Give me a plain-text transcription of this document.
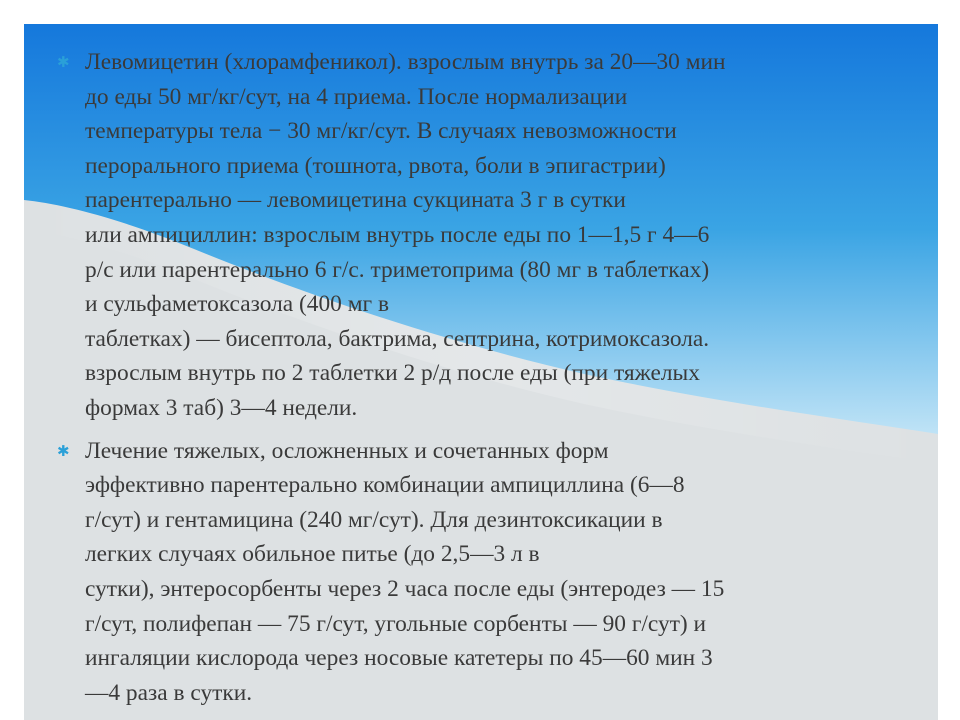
✱ Левомицетин (хлорамфеникол). взрослым внутрь за 20—30 мин
до еды 50 мг/кг/сут, на 4 приема. После нормализации
температуры тела − 30 мг/кг/сут. В случаях невозможности
перорального приема (тошнота, рвота, боли в эпигастрии)
парентерально — левомицетина сукцината 3 г в сутки
или ампициллин: взрослым внутрь после еды по 1—1,5 г 4—6
р/с или парентерально 6 г/с. триметоприма (80 мг в таблетках)
и сульфаметоксазола (400 мг в
таблетках) — бисептола, бактрима, септрина, котримоксазола.
взрослым внутрь по 2 таблетки 2 р/д после еды (при тяжелых
формах 3 таб) 3—4 недели.
✱ Лечение тяжелых, осложненных и сочетанных форм
эффективно парентерально комбинации ампициллина (6—8
г/сут) и гентамицина (240 мг/сут). Для дезинтоксикации в
легких случаях обильное питье (до 2,5—3 л в
сутки), энтеросорбенты через 2 часа после еды (энтеродез — 15
г/сут, полифепан — 75 г/сут, угольные сорбенты — 90 г/сут) и
ингаляции кислорода через носовые катетеры по 45—60 мин 3
—4 раза в сутки.
